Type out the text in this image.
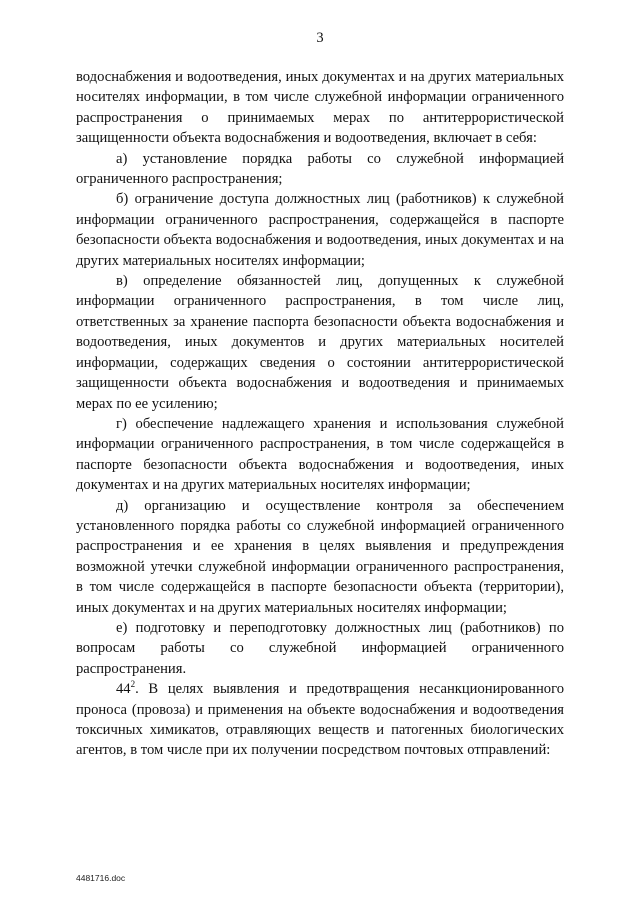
3

водоснабжения и водоотведения, иных документах и на других материальных носителях информации, в том числе служебной информации ограниченного распространения о принимаемых мерах по антитеррористической защищенности объекта водоснабжения и водоотведения, включает в себя:

а) установление порядка работы со служебной информацией ограниченного распространения;

б) ограничение доступа должностных лиц (работников) к служебной информации ограниченного распространения, содержащейся в паспорте безопасности объекта водоснабжения и водоотведения, иных документах и на других материальных носителях информации;

в) определение обязанностей лиц, допущенных к служебной информации ограниченного распространения, в том числе лиц, ответственных за хранение паспорта безопасности объекта водоснабжения и водоотведения, иных документов и других материальных носителей информации, содержащих сведения о состоянии антитеррористической защищенности объекта водоснабжения и водоотведения и принимаемых мерах по ее усилению;

г) обеспечение надлежащего хранения и использования служебной информации ограниченного распространения, в том числе содержащейся в паспорте безопасности объекта водоснабжения и водоотведения, иных документах и на других материальных носителях информации;

д) организацию и осуществление контроля за обеспечением установленного порядка работы со служебной информацией ограниченного распространения и ее хранения в целях выявления и предупреждения возможной утечки служебной информации ограниченного распространения, в том числе содержащейся в паспорте безопасности объекта (территории), иных документах и на других материальных носителях информации;

е) подготовку и переподготовку должностных лиц (работников) по вопросам работы со служебной информацией ограниченного распространения.

$44^2$. В целях выявления и предотвращения несанкционированного проноса (провоза) и применения на объекте водоснабжения и водоотведения токсичных химикатов, отравляющих веществ и патогенных биологических агентов, в том числе при их получении посредством почтовых отправлений:

4481716.doc
